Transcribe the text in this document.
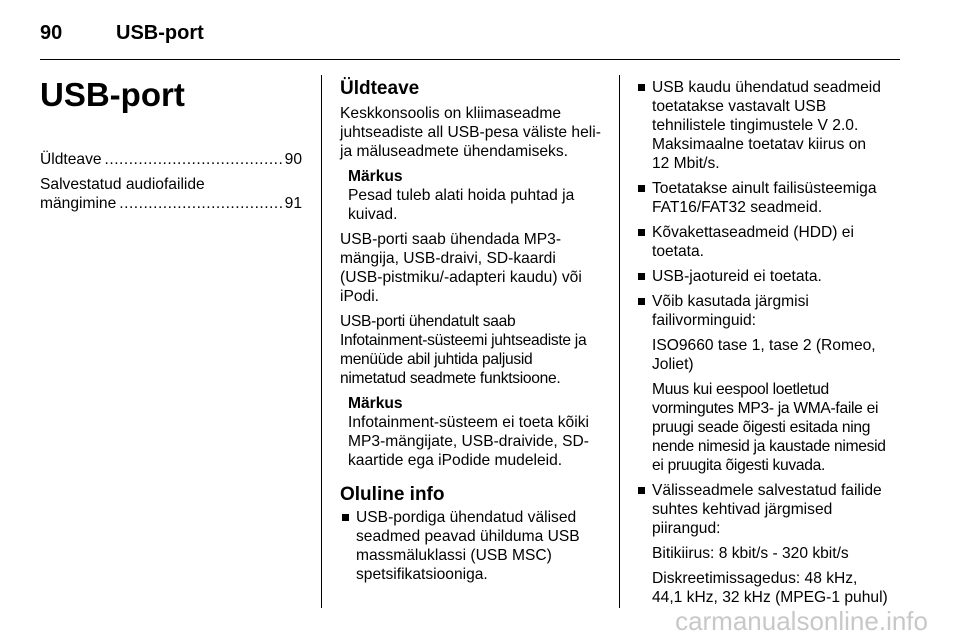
90	USB-port
USB-port
Üldteave .....	90
Salvestatud audiofailide
mängimine .....	91
Üldteave
Keskkonsoolis on kliimaseadme
juhtseadiste all USB-pesa väliste heli-
ja mäluseadmete ühendamiseks.
Märkus
Pesad tuleb alati hoida puhtad ja
kuivad.
USB-porti saab ühendada MP3-
mängija, USB-draivi, SD-kaardi
(USB-pistmiku/-adapteri kaudu) või
iPodi.
USB-porti ühendatult saab
Infotainment-süsteemi juhtseadiste ja
menüüde abil juhtida paljusid
nimetatud seadmete funktsioone.
Märkus
Infotainment-süsteem ei toeta kõiki
MP3-mängijate, USB-draivide, SD-
kaartide ega iPodide mudeleid.
Oluline info
USB-pordiga ühendatud välised
seadmed peavad ühilduma USB
massmäluklassi (USB MSC)
spetsifikatsiooniga.
USB kaudu ühendatud seadmeid
toetatakse vastavalt USB
tehnilistele tingimustele V 2.0.
Maksimaalne toetatav kiirus on
12 Mbit/s.
Toetatakse ainult failisüsteemiga
FAT16/FAT32 seadmeid.
Kõvakettaseadmeid (HDD) ei
toetata.
USB-jaotureid ei toetata.
Võib kasutada järgmisi
failivorminguid:
ISO9660 tase 1, tase 2 (Romeo,
Joliet)
Muus kui eespool loetletud
vormingutes MP3- ja WMA-faile ei
pruugi seade õigesti esitada ning
nende nimesid ja kaustade nimesid
ei pruugita õigesti kuvada.
Välisseadmele salvestatud failide
suhtes kehtivad järgmised
piirangud:
Bitikiirus: 8 kbit/s - 320 kbit/s
Diskreetimissagedus: 48 kHz,
44,1 kHz, 32 kHz (MPEG-1 puhul)
carmanualsonline.info
